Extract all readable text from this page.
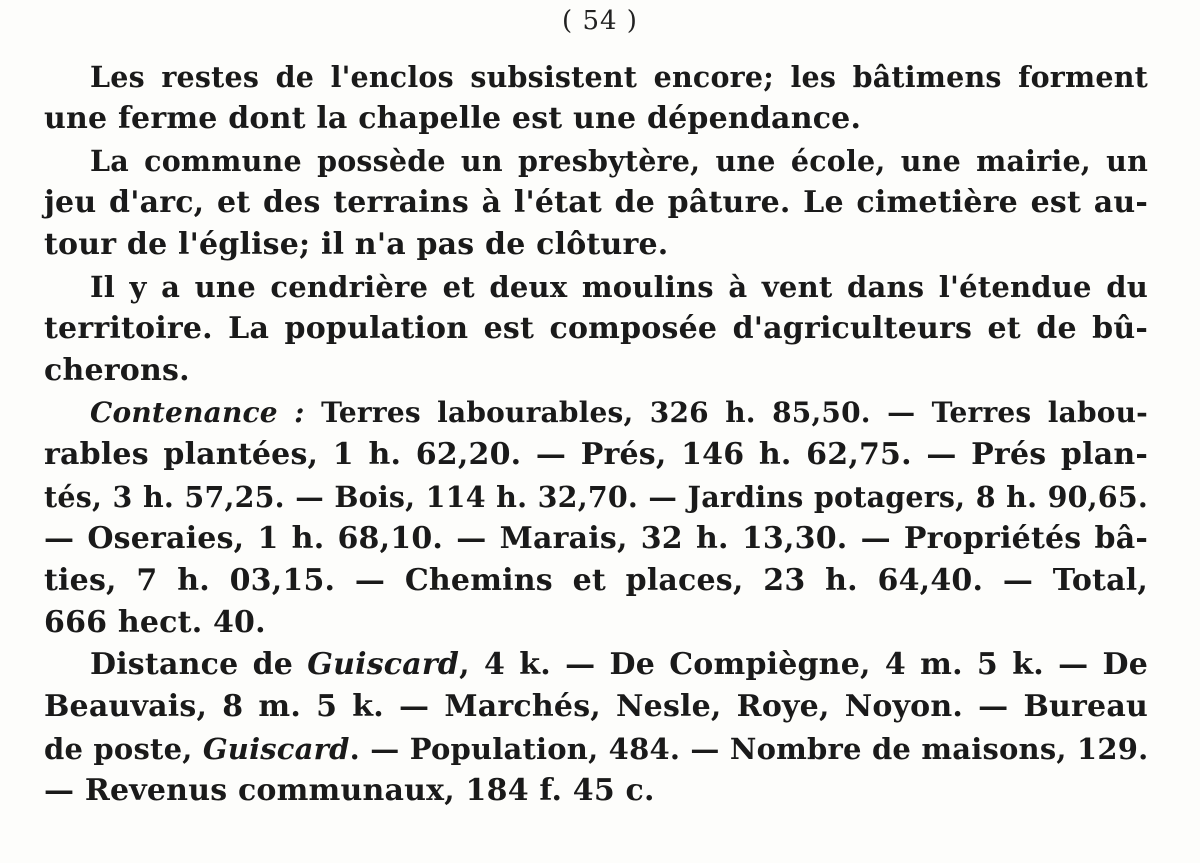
( 54 )
Les restes de l'enclos subsistent encore; les bâtimens forment
une ferme dont la chapelle est une dépendance.
La commune possède un presbytère, une école, une mairie, un
jeu d'arc, et des terrains à l'état de pâture. Le cimetière est au-
tour de l'église; il n'a pas de clôture.
Il y a une cendrière et deux moulins à vent dans l'étendue du
territoire. La population est composée d'agriculteurs et de bû-
cherons.
Contenance : Terres labourables, 326 h. 85,50. — Terres labou-
rables plantées, 1 h. 62,20. — Prés, 146 h. 62,75. — Prés plan-
tés, 3 h. 57,25. — Bois, 114 h. 32,70. — Jardins potagers, 8 h. 90,65.
— Oseraies, 1 h. 68,10. — Marais, 32 h. 13,30. — Propriétés bâ-
ties, 7 h. 03,15. — Chemins et places, 23 h. 64,40. — Total,
666 hect. 40.
Distance de Guiscard, 4 k. — De Compiègne, 4 m. 5 k. — De
Beauvais, 8 m. 5 k. — Marchés, Nesle, Roye, Noyon. — Bureau
de poste, Guiscard. — Population, 484. — Nombre de maisons, 129.
— Revenus communaux, 184 f. 45 c.
